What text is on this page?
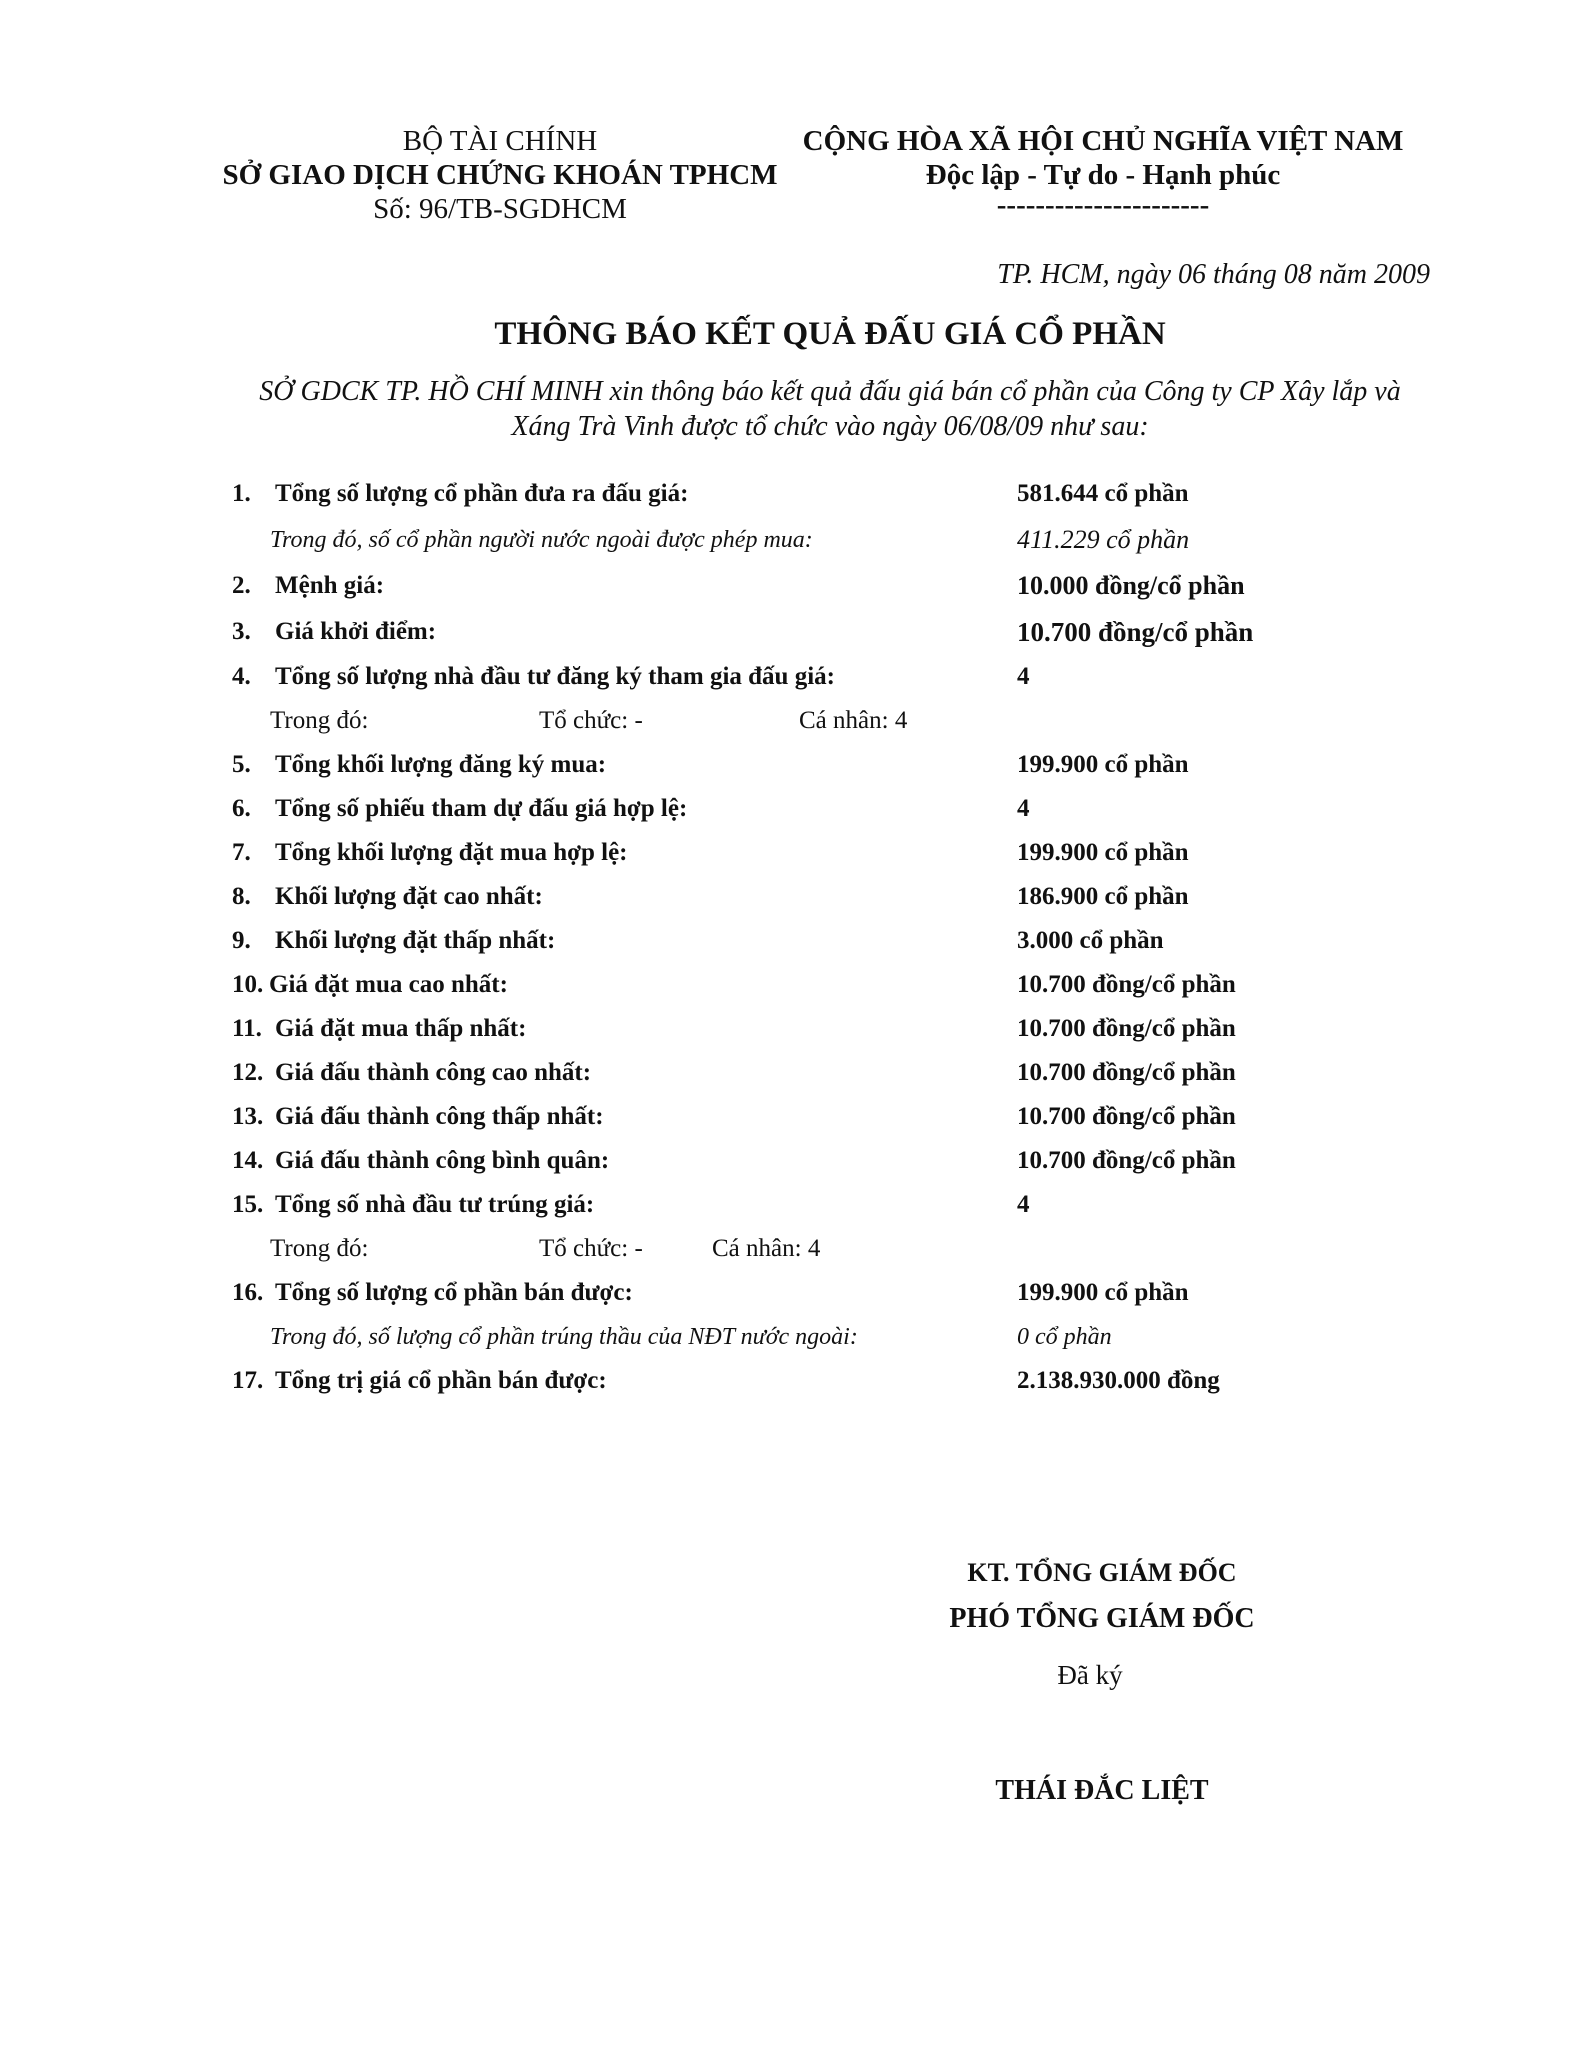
BỘ TÀI CHÍNH
SỞ GIAO DỊCH CHỨNG KHOÁN TPHCM
Số: 96/TB-SGDHCM
CỘNG HÒA XÃ HỘI CHỦ NGHĨA VIỆT NAM
Độc lập - Tự do - Hạnh phúc
----------------------
TP. HCM, ngày 06 tháng 08 năm 2009
THÔNG BÁO KẾT QUẢ ĐẤU GIÁ CỔ PHẦN
SỞ GDCK TP. HỒ CHÍ MINH xin thông báo kết quả đấu giá bán cổ phần của Công ty CP Xây lắp và
Xáng Trà Vinh được tổ chức vào ngày 06/08/09 như sau:
1. Tổng số lượng cổ phần đưa ra đấu giá:	581.644 cổ phần
Trong đó, số cổ phần người nước ngoài được phép mua:	411.229 cổ phần
2. Mệnh giá:	10.000 đồng/cổ phần
3. Giá khởi điểm:	10.700 đồng/cổ phần
4. Tổng số lượng nhà đầu tư đăng ký tham gia đấu giá:	4
Trong đó:	Tổ chức: -	Cá nhân: 4
5. Tổng khối lượng đăng ký mua:	199.900 cổ phần
6. Tổng số phiếu tham dự đấu giá hợp lệ:	4
7. Tổng khối lượng đặt mua hợp lệ:	199.900 cổ phần
8. Khối lượng đặt cao nhất:	186.900 cổ phần
9. Khối lượng đặt thấp nhất:	3.000 cổ phần
10. Giá đặt mua cao nhất:	10.700 đồng/cổ phần
11. Giá đặt mua thấp nhất:	10.700 đồng/cổ phần
12. Giá đấu thành công cao nhất:	10.700 đồng/cổ phần
13. Giá đấu thành công thấp nhất:	10.700 đồng/cổ phần
14. Giá đấu thành công bình quân:	10.700 đồng/cổ phần
15. Tổng số nhà đầu tư trúng giá:	4
Trong đó:	Tổ chức: -	Cá nhân: 4
16. Tổng số lượng cổ phần bán được:	199.900 cổ phần
Trong đó, số lượng cổ phần trúng thầu của NĐT nước ngoài:	0 cổ phần
17. Tổng trị giá cổ phần bán được:	2.138.930.000 đồng
KT. TỔNG GIÁM ĐỐC
PHÓ TỔNG GIÁM ĐỐC
Đã ký
THÁI ĐẮC LIỆT
